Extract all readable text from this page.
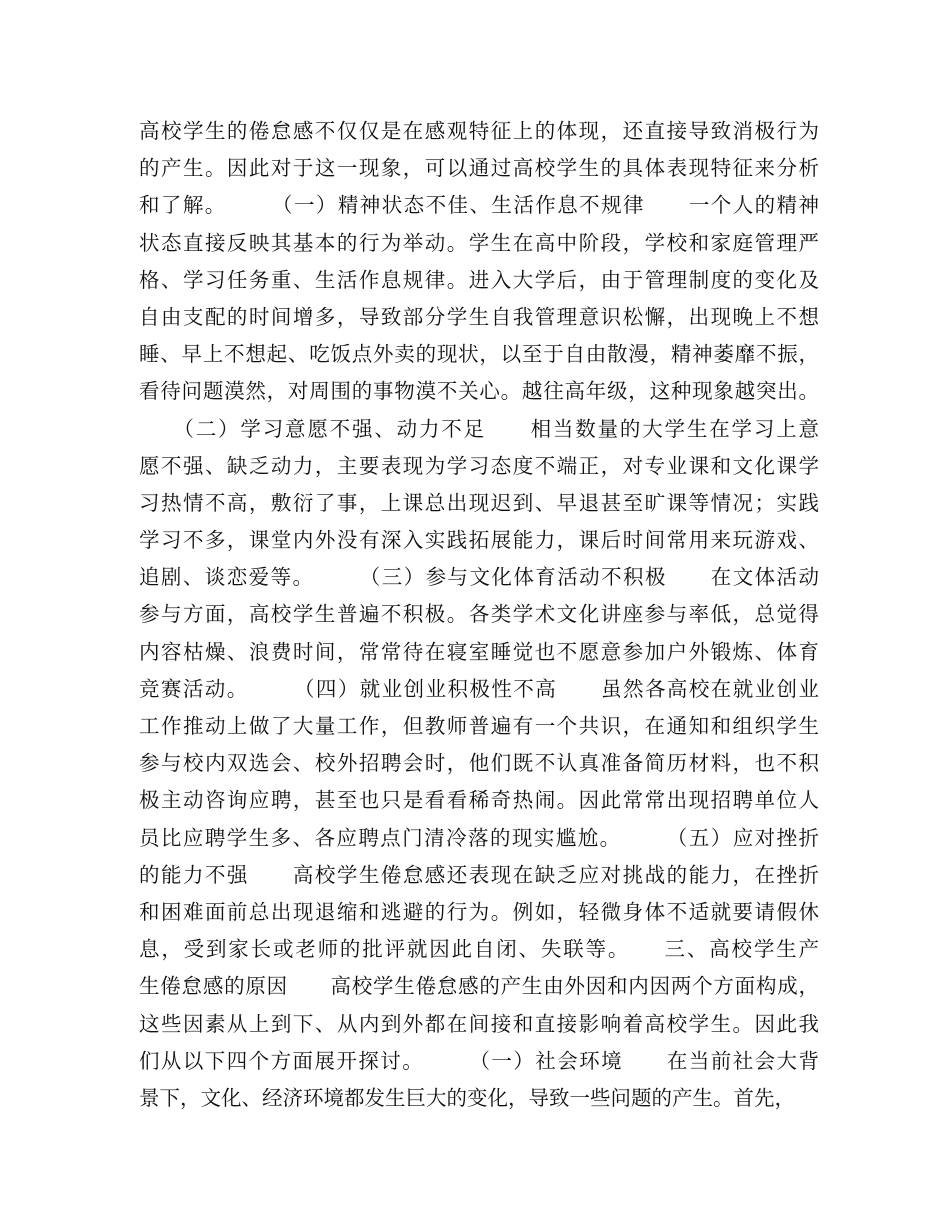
高校学生的倦怠感不仅仅是在感观特征上的体现，还直接导致消极行为
的产生。因此对于这一现象，可以通过高校学生的具体表现特征来分析
和了解。　　　（一）精神状态不佳、生活作息不规律　　一个人的精神
状态直接反映其基本的行为举动。学生在高中阶段，学校和家庭管理严
格、学习任务重、生活作息规律。进入大学后，由于管理制度的变化及
自由支配的时间增多，导致部分学生自我管理意识松懈，出现晚上不想
睡、早上不想起、吃饭点外卖的现状，以至于自由散漫，精神萎靡不振，
看待问题漠然，对周围的事物漠不关心。越往高年级，这种现象越突出。
　　（二）学习意愿不强、动力不足　　相当数量的大学生在学习上意
愿不强、缺乏动力，主要表现为学习态度不端正，对专业课和文化课学
习热情不高，敷衍了事，上课总出现迟到、早退甚至旷课等情况；实践
学习不多，课堂内外没有深入实践拓展能力，课后时间常用来玩游戏、
追剧、谈恋爱等。　　　（三）参与文化体育活动不积极　　在文体活动
参与方面，高校学生普遍不积极。各类学术文化讲座参与率低，总觉得
内容枯燥、浪费时间，常常待在寝室睡觉也不愿意参加户外锻炼、体育
竞赛活动。　　　（四）就业创业积极性不高　　虽然各高校在就业创业
工作推动上做了大量工作，但教师普遍有一个共识，在通知和组织学生
参与校内双选会、校外招聘会时，他们既不认真准备简历材料，也不积
极主动咨询应聘，甚至也只是看看稀奇热闹。因此常常出现招聘单位人
员比应聘学生多、各应聘点门清冷落的现实尴尬。　　　（五）应对挫折
的能力不强　　高校学生倦怠感还表现在缺乏应对挑战的能力，在挫折
和困难面前总出现退缩和逃避的行为。例如，轻微身体不适就要请假休
息，受到家长或老师的批评就因此自闭、失联等。　　三、高校学生产
生倦怠感的原因　　高校学生倦怠感的产生由外因和内因两个方面构成，
这些因素从上到下、从内到外都在间接和直接影响着高校学生。因此我
们从以下四个方面展开探讨。　　　（一）社会环境　　在当前社会大背
景下，文化、经济环境都发生巨大的变化，导致一些问题的产生。首先，
